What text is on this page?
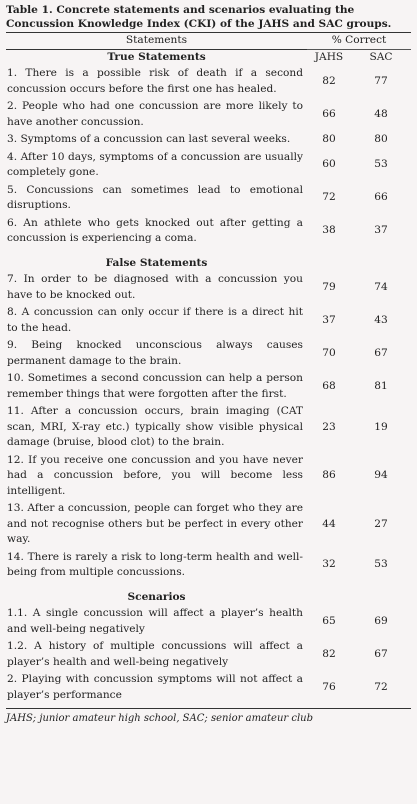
Table 1. Concrete statements and scenarios evaluating the Concussion Knowledge Index (CKI) of the JAHS and SAC groups.
Statements	% Correct	
True Statements	JAHS	SAC
1. There is a possible risk of death if a second concussion occurs before the first one has healed.	82	77
2. People who had one concussion are more likely to have another concussion.	66	48
3. Symptoms of a concussion can last several weeks.	80	80
4. After 10 days, symptoms of a concussion are usually completely gone.	60	53
5. Concussions can sometimes lead to emotional disruptions.	72	66
6. An athlete who gets knocked out after getting a concussion is experiencing a coma.	38	37

False Statements		
7. In order to be diagnosed with a concussion you have to be knocked out.	79	74
8. A concussion can only occur if there is a direct hit to the head.	37	43
9. Being knocked unconscious always causes permanent damage to the brain.	70	67
10. Sometimes a second concussion can help a person remember things that were forgotten after the first.	68	81
11. After a concussion occurs, brain imaging (CAT scan, MRI, X-ray etc.) typically show visible physical damage (bruise, blood clot) to the brain.	23	19
12. If you receive one concussion and you have never had a concussion before, you will become less intelligent.	86	94
13. After a concussion, people can forget who they are and not recognise others but be perfect in every other way.	44	27
14. There is rarely a risk to long-term health and well-being from multiple concussions.	32	53

Scenarios		
1.1. A single concussion will affect a player’s health and well-being negatively	65	69
1.2. A history of multiple concussions will affect a player’s health and well-being negatively	82	67
2. Playing with concussion symptoms will not affect a player’s performance	76	72
JAHS; junior amateur high school, SAC; senior amateur club
